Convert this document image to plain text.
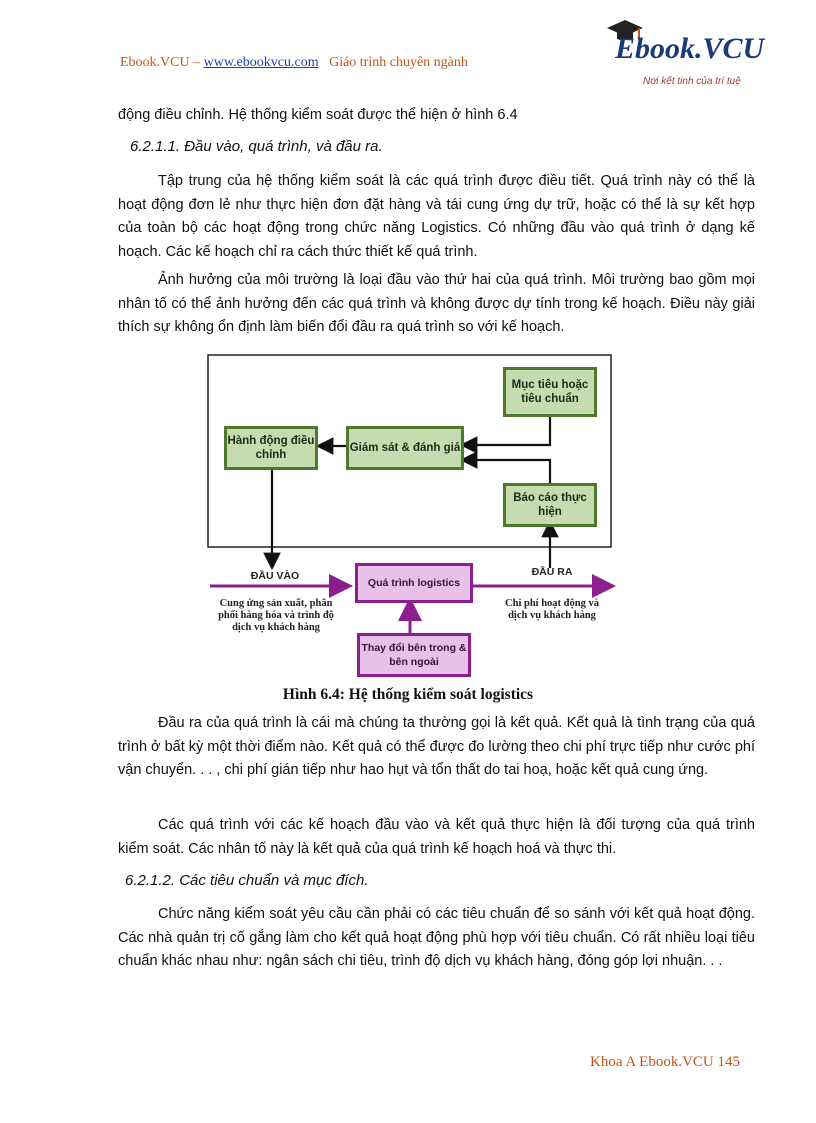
Ebook.VCU – www.ebookvcu.com Giáo trình chuyên ngành	Ebook.VCU
Nơi kết tinh của trí tuệ
động điều chỉnh. Hệ thống kiểm soát được thể hiện ở hình 6.4
6.2.1.1. Đầu vào, quá trình, và đầu ra.
Tập trung của hệ thống kiểm soát là các quá trình được điều tiết. Quá trình này có thể là hoạt động đơn lẻ như thực hiện đơn đặt hàng và tái cung ứng dự trữ, hoặc có thể là sự kết hợp của toàn bộ các hoạt động trong chức năng Logistics. Có những đầu vào quá trình ở dạng kế hoạch. Các kế hoạch chỉ ra cách thức thiết kế quá trình.
Ảnh hưởng của môi trường là loại đầu vào thứ hai của quá trình. Môi trường bao gồm mọi nhân tố có thể ảnh hưởng đến các quá trình và không được dự tính trong kế hoạch. Điều này giải thích sự không ổn định làm biến đổi đầu ra quá trình so với kế hoạch.
Mục tiêu hoặc tiêu chuẩn
Hành động điều chỉnh
Giám sát & đánh giá
Báo cáo thực hiện
Quá trình logistics
Thay đổi bên trong & bên ngoài
ĐẦU VÀO	ĐẦU RA
Cung ứng sản xuất, phân phối hàng hóa và trình độ dịch vụ khách hàng
Chi phí hoạt động và dịch vụ khách hàng
Hình 6.4: Hệ thống kiểm soát logistics
Đầu ra của quá trình là cái mà chúng ta thường gọi là kết quả. Kết quả là tình trạng của quá trình ở bất kỳ một thời điểm nào. Kết quả có thể được đo lường theo chi phí trực tiếp như cước phí vận chuyển. . . , chi phí gián tiếp như hao hụt và tổn thất do tai hoạ, hoặc kết quả cung ứng.
Các quá trình với các kế hoạch đầu vào và kết quả thực hiện là đối tượng của quá trình kiểm soát. Các nhân tố này là kết quả của quá trình kế hoạch hoá và thực thi.
6.2.1.2. Các tiêu chuẩn và mục đích.
Chức năng kiểm soát yêu cầu cần phải có các tiêu chuẩn để so sánh với kết quả hoạt động. Các nhà quản trị cố gắng làm cho kết quả hoạt động phù hợp với tiêu chuẩn. Có rất nhiều loại tiêu chuẩn khác nhau như: ngân sách chi tiêu, trình độ dịch vụ khách hàng, đóng góp lợi nhuận. . .
Khoa A Ebook.VCU 145
